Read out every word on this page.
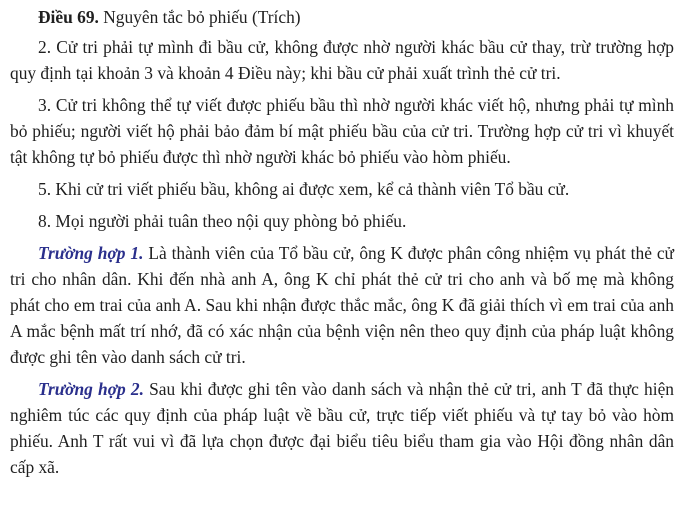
Điều 69. Nguyên tắc bỏ phiếu (Trích)

2. Cử tri phải tự mình đi bầu cử, không được nhờ người khác bầu cử thay, trừ trường hợp quy định tại khoản 3 và khoản 4 Điều này; khi bầu cử phải xuất trình thẻ cử tri.

3. Cử tri không thể tự viết được phiếu bầu thì nhờ người khác viết hộ, nhưng phải tự mình bỏ phiếu; người viết hộ phải bảo đảm bí mật phiếu bầu của cử tri. Trường hợp cử tri vì khuyết tật không tự bỏ phiếu được thì nhờ người khác bỏ phiếu vào hòm phiếu.

5. Khi cử tri viết phiếu bầu, không ai được xem, kể cả thành viên Tổ bầu cử.

8. Mọi người phải tuân theo nội quy phòng bỏ phiếu.

Trường hợp 1. Là thành viên của Tổ bầu cử, ông K được phân công nhiệm vụ phát thẻ cử tri cho nhân dân. Khi đến nhà anh A, ông K chỉ phát thẻ cử tri cho anh và bố mẹ mà không phát cho em trai của anh A. Sau khi nhận được thắc mắc, ông K đã giải thích vì em trai của anh A mắc bệnh mất trí nhớ, đã có xác nhận của bệnh viện nên theo quy định của pháp luật không được ghi tên vào danh sách cử tri.

Trường hợp 2. Sau khi được ghi tên vào danh sách và nhận thẻ cử tri, anh T đã thực hiện nghiêm túc các quy định của pháp luật về bầu cử, trực tiếp viết phiếu và tự tay bỏ vào hòm phiếu. Anh T rất vui vì đã lựa chọn được đại biểu tiêu biểu tham gia vào Hội đồng nhân dân cấp xã.
